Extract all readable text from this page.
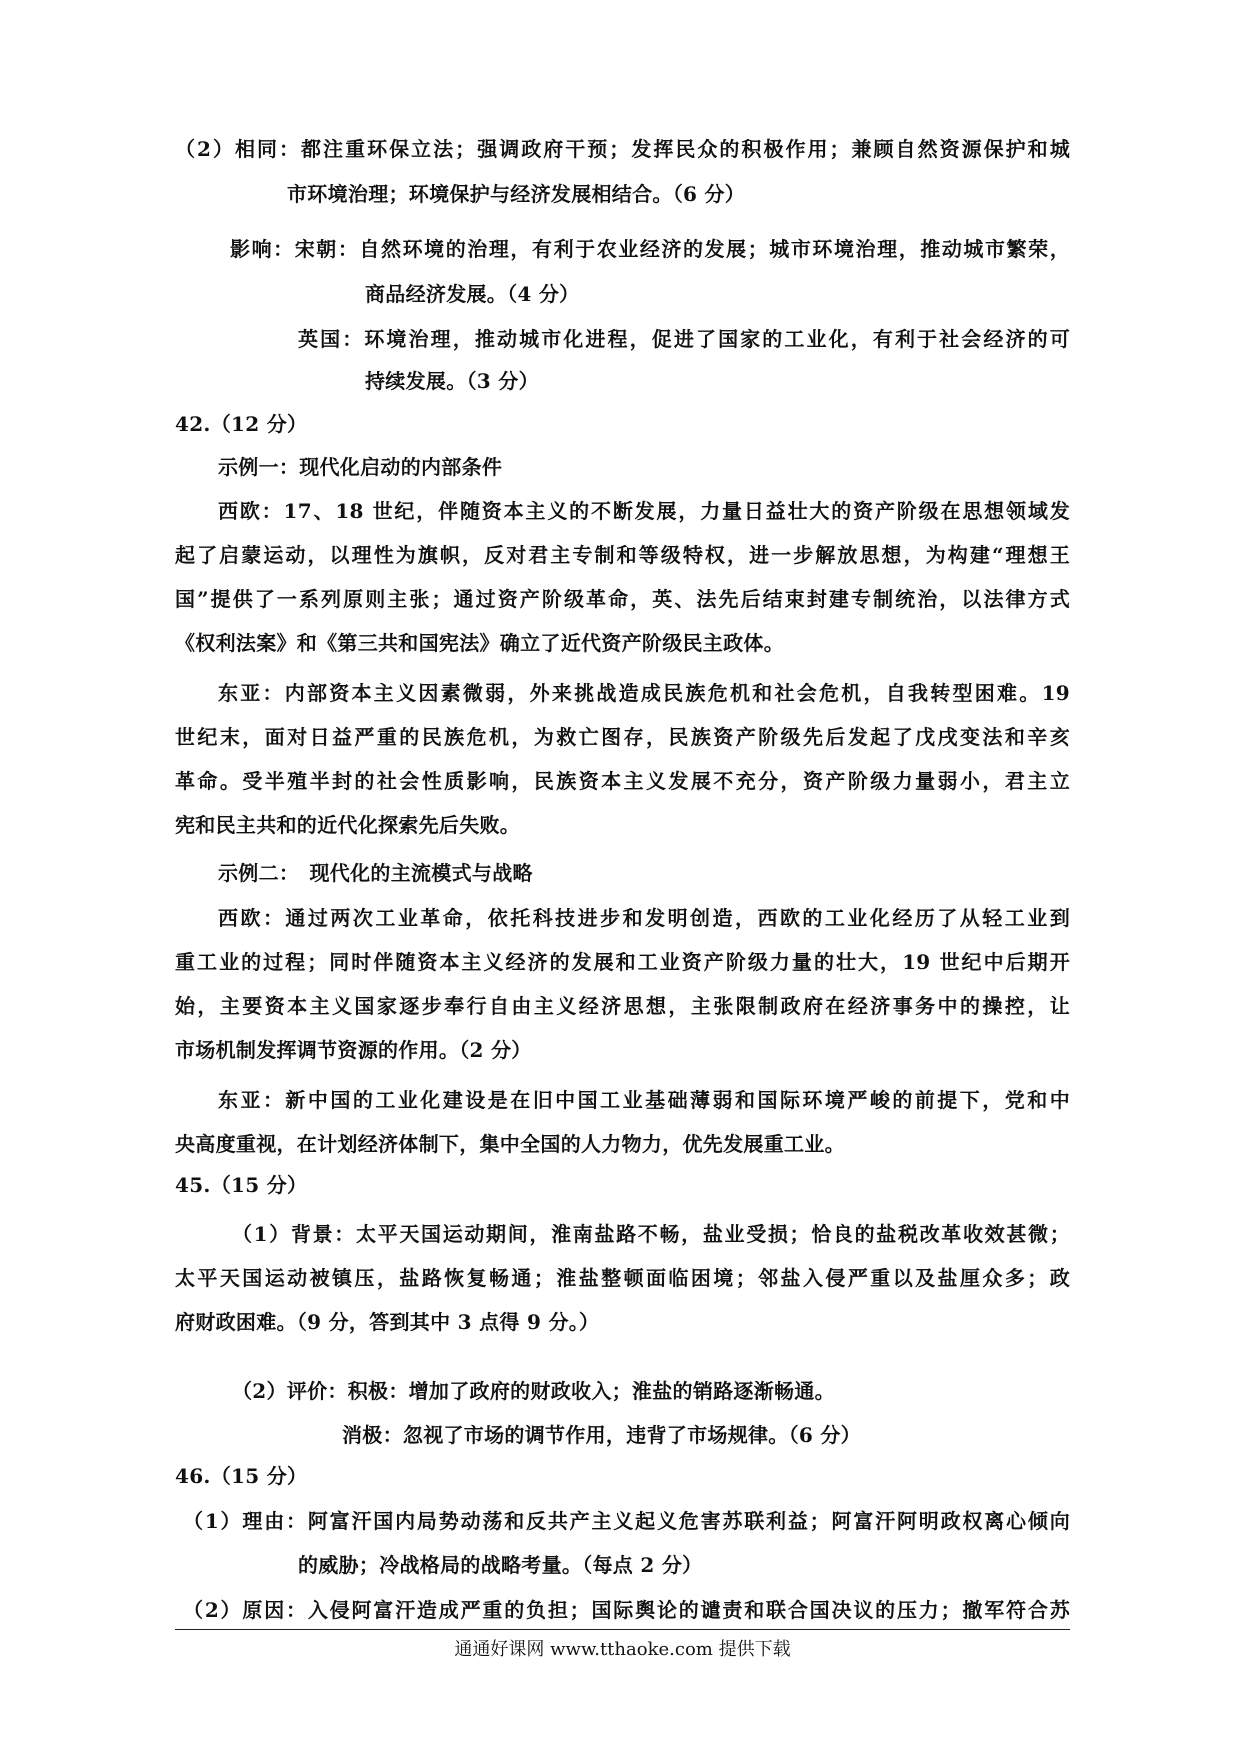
（2）相同：都注重环保立法；强调政府干预；发挥民众的积极作用；兼顾自然资源保护和城
市环境治理；环境保护与经济发展相结合。（6 分）
影响：宋朝：自然环境的治理，有利于农业经济的发展；城市环境治理，推动城市繁荣，
商品经济发展。（4 分）
英国：环境治理，推动城市化进程，促进了国家的工业化，有利于社会经济的可
持续发展。（3 分）
42.（12 分）
示例一：现代化启动的内部条件
西欧：17、18 世纪，伴随资本主义的不断发展，力量日益壮大的资产阶级在思想领域发
起了启蒙运动，以理性为旗帜，反对君主专制和等级特权，进一步解放思想，为构建“理想王
国”提供了一系列原则主张；通过资产阶级革命，英、法先后结束封建专制统治，以法律方式
《权利法案》和《第三共和国宪法》确立了近代资产阶级民主政体。
东亚：内部资本主义因素微弱，外来挑战造成民族危机和社会危机，自我转型困难。19
世纪末，面对日益严重的民族危机，为救亡图存，民族资产阶级先后发起了戊戌变法和辛亥
革命。受半殖半封的社会性质影响，民族资本主义发展不充分，资产阶级力量弱小，君主立
宪和民主共和的近代化探索先后失败。
示例二：　现代化的主流模式与战略
西欧：通过两次工业革命，依托科技进步和发明创造，西欧的工业化经历了从轻工业到
重工业的过程；同时伴随资本主义经济的发展和工业资产阶级力量的壮大，19 世纪中后期开
始，主要资本主义国家逐步奉行自由主义经济思想，主张限制政府在经济事务中的操控，让
市场机制发挥调节资源的作用。（2 分）
东亚：新中国的工业化建设是在旧中国工业基础薄弱和国际环境严峻的前提下，党和中
央高度重视，在计划经济体制下，集中全国的人力物力，优先发展重工业。
45.（15 分）
（1）背景：太平天国运动期间，淮南盐路不畅，盐业受损；恰良的盐税改革收效甚微；
太平天国运动被镇压，盐路恢复畅通；淮盐整顿面临困境；邻盐入侵严重以及盐厘众多；政
府财政困难。（9 分，答到其中 3 点得 9 分。）
（2）评价：积极：增加了政府的财政收入；淮盐的销路逐渐畅通。
消极：忽视了市场的调节作用，违背了市场规律。（6 分）
46.（15 分）
（1）理由：阿富汗国内局势动荡和反共产主义起义危害苏联利益；阿富汗阿明政权离心倾向
的威胁；冷战格局的战略考量。（每点 2 分）
（2）原因：入侵阿富汗造成严重的负担；国际舆论的谴责和联合国决议的压力；撤军符合苏
通通好课网 www.tthaoke.com 提供下载
